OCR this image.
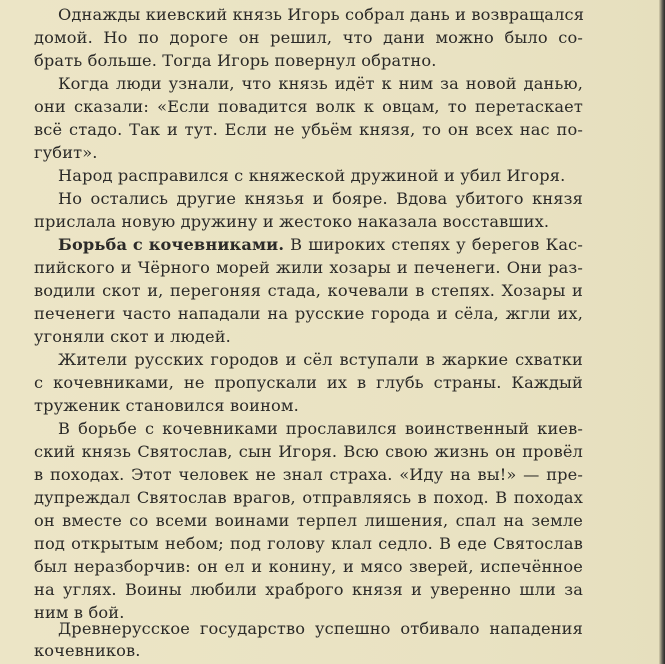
Однажды киевский князь Игорь собрал дань и возвращался
домой. Но по дороге он решил, что дани можно было со-
брать больше. Тогда Игорь повернул обратно.
Когда люди узнали, что князь идёт к ним за новой данью,
они сказали: «Если повадится волк к овцам, то перетаскает
всё стадо. Так и тут. Если не убьём князя, то он всех нас по-
губит».
Народ расправился с княжеской дружиной и убил Игоря.
Но остались другие князья и бояре. Вдова убитого князя
прислала новую дружину и жестоко наказала восставших.
Борьба с кочевниками. В широких степях у берегов Кас-
пийского и Чёрного морей жили хозары и печенеги. Они раз-
водили скот и, перегоняя стада, кочевали в степях. Хозары и
печенеги часто нападали на русские города и сёла, жгли их,
угоняли скот и людей.
Жители русских городов и сёл вступали в жаркие схватки
с кочевниками, не пропускали их в глубь страны. Каждый
труженик становился воином.
В борьбе с кочевниками прославился воинственный киев-
ский князь Святослав, сын Игоря. Всю свою жизнь он провёл
в походах. Этот человек не знал страха. «Иду на вы!» — пре-
дупреждал Святослав врагов, отправляясь в поход. В походах
он вместе со всеми воинами терпел лишения, спал на земле
под открытым небом; под голову клал седло. В еде Святослав
был неразборчив: он ел и конину, и мясо зверей, испечённое
на углях. Воины любили храброго князя и уверенно шли за
ним в бой.
Древнерусское государство успешно отбивало нападения
кочевников.
